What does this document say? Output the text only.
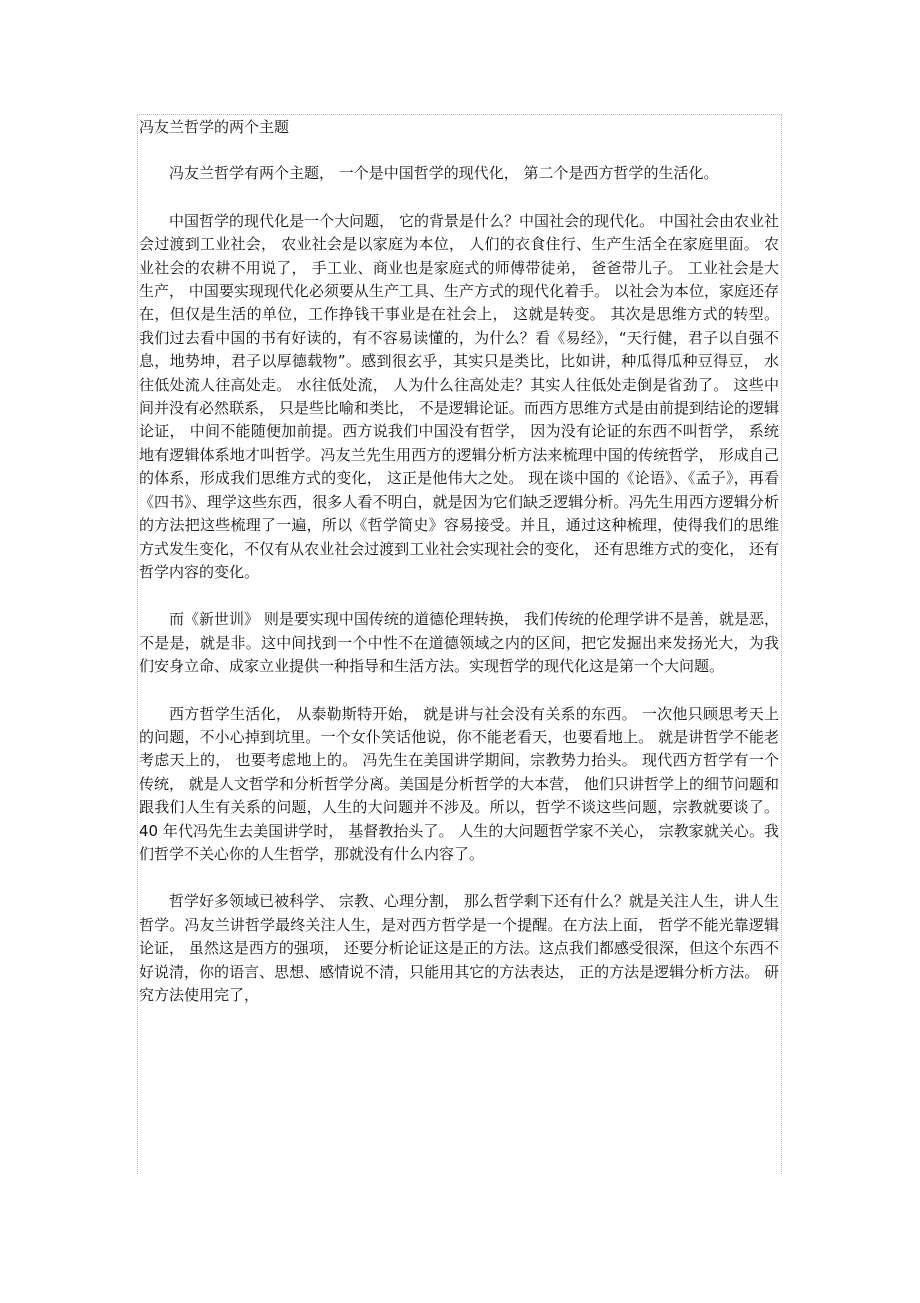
冯友兰哲学的两个主题

冯友兰哲学有两个主题， 一个是中国哲学的现代化， 第二个是西方哲学的生活化。

中国哲学的现代化是一个大问题， 它的背景是什么？中国社会的现代化。 中国社会由农业社会过渡到工业社会， 农业社会是以家庭为本位， 人们的衣食住行、生产生活全在家庭里面。 农业社会的农耕不用说了， 手工业、商业也是家庭式的师傅带徒弟， 爸爸带儿子。 工业社会是大生产， 中国要实现现代化必须要从生产工具、生产方式的现代化着手。 以社会为本位，家庭还存在，但仅是生活的单位，工作挣钱干事业是在社会上， 这就是转变。 其次是思维方式的转型。 我们过去看中国的书有好读的，有不容易读懂的，为什么？看《易经》，“天行健，君子以自强不息，地势坤，君子以厚德载物”。感到很玄乎，其实只是类比，比如讲，种瓜得瓜种豆得豆， 水往低处流人往高处走。 水往低处流， 人为什么往高处走？其实人往低处走倒是省劲了。 这些中间并没有必然联系， 只是些比喻和类比， 不是逻辑论证。而西方思维方式是由前提到结论的逻辑论证， 中间不能随便加前提。西方说我们中国没有哲学， 因为没有论证的东西不叫哲学， 系统地有逻辑体系地才叫哲学。冯友兰先生用西方的逻辑分析方法来梳理中国的传统哲学， 形成自己的体系，形成我们思维方式的变化， 这正是他伟大之处。 现在谈中国的《论语》、《孟子》，再看《四书》、理学这些东西，很多人看不明白，就是因为它们缺乏逻辑分析。冯先生用西方逻辑分析的方法把这些梳理了一遍，所以《哲学简史》容易接受。并且，通过这种梳理，使得我们的思维方式发生变化，不仅有从农业社会过渡到工业社会实现社会的变化， 还有思维方式的变化， 还有哲学内容的变化。

而《新世训》 则是要实现中国传统的道德伦理转换， 我们传统的伦理学讲不是善，就是恶，不是是，就是非。这中间找到一个中性不在道德领域之内的区间，把它发掘出来发扬光大，为我们安身立命、成家立业提供一种指导和生活方法。实现哲学的现代化这是第一个大问题。

西方哲学生活化， 从泰勒斯特开始， 就是讲与社会没有关系的东西。 一次他只顾思考天上的问题，不小心掉到坑里。一个女仆笑话他说，你不能老看天，也要看地上。 就是讲哲学不能老考虑天上的， 也要考虑地上的。 冯先生在美国讲学期间，宗教势力抬头。 现代西方哲学有一个传统， 就是人文哲学和分析哲学分离。美国是分析哲学的大本营， 他们只讲哲学上的细节问题和跟我们人生有关系的问题，人生的大问题并不涉及。所以，哲学不谈这些问题，宗教就要谈了。 40 年代冯先生去美国讲学时， 基督教抬头了。 人生的大问题哲学家不关心， 宗教家就关心。我们哲学不关心你的人生哲学，那就没有什么内容了。

哲学好多领域已被科学、 宗教、心理分割， 那么哲学剩下还有什么？就是关注人生，讲人生哲学。冯友兰讲哲学最终关注人生，是对西方哲学是一个提醒。在方法上面， 哲学不能光靠逻辑论证， 虽然这是西方的强项， 还要分析论证这是正的方法。这点我们都感受很深，但这个东西不好说清，你的语言、思想、感情说不清，只能用其它的方法表达， 正的方法是逻辑分析方法。 研究方法使用完了，
